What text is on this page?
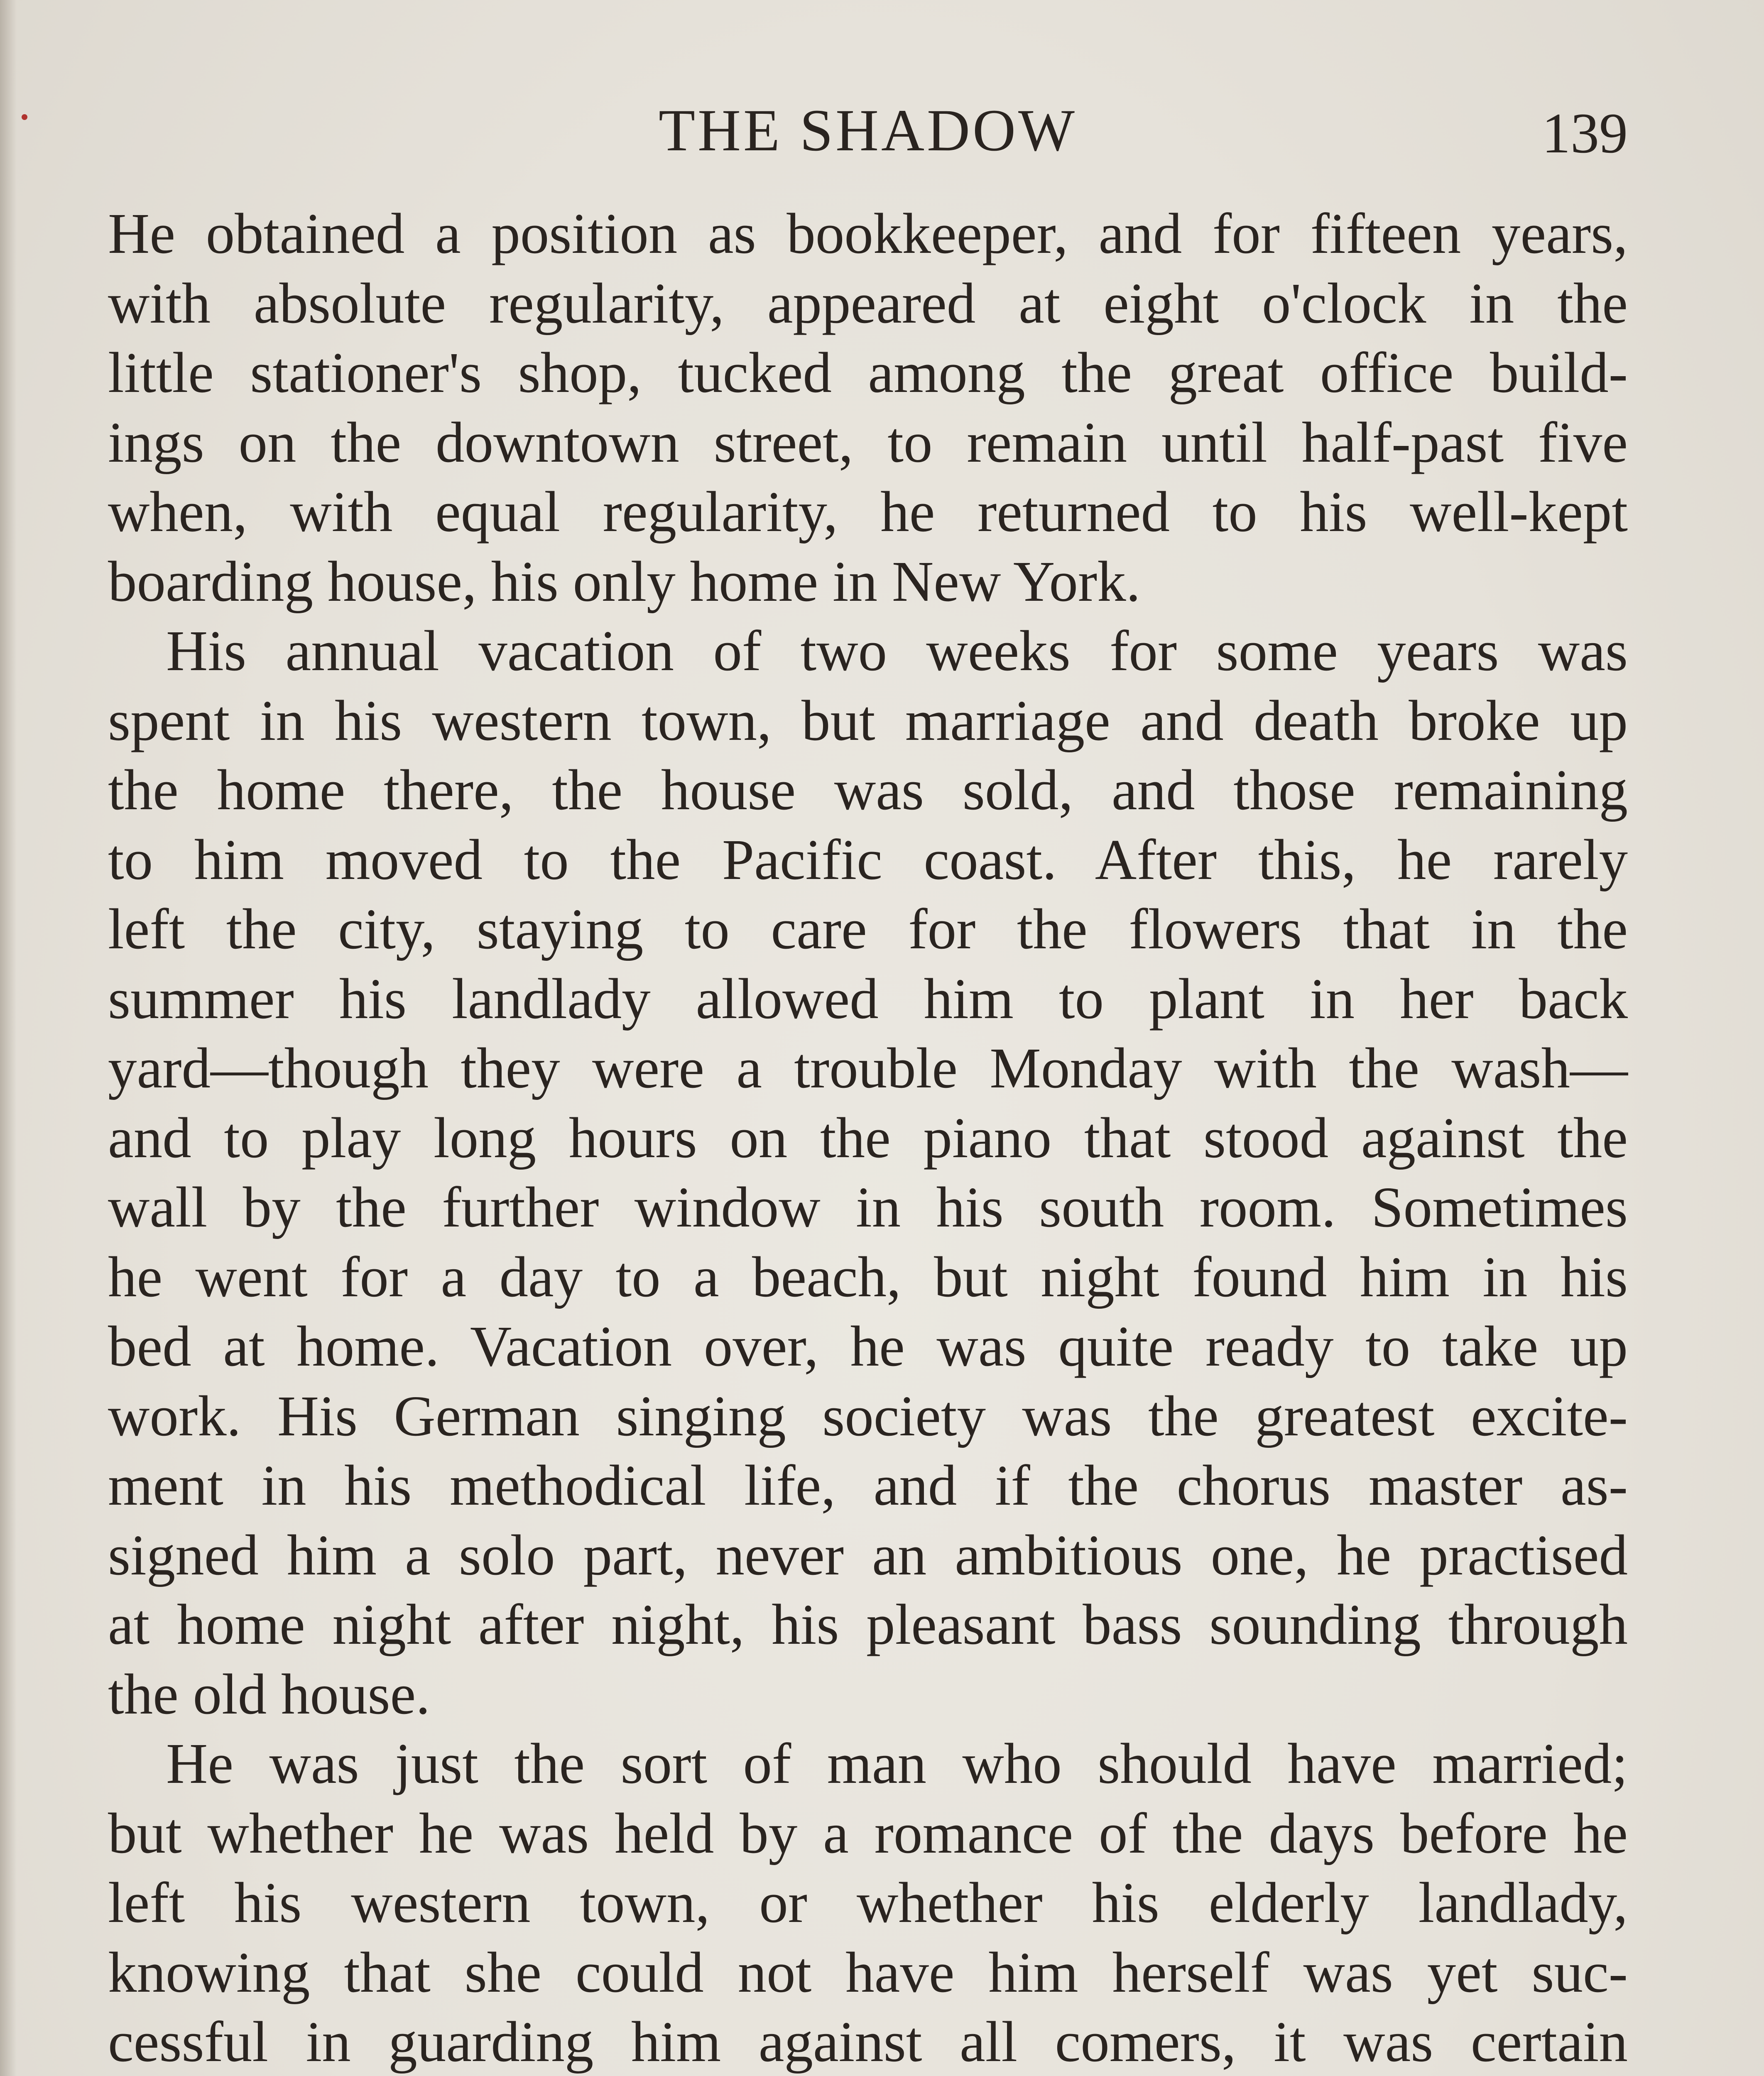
THE SHADOW	139
He obtained a position as bookkeeper, and for fifteen years,
with absolute regularity, appeared at eight o'clock in the
little stationer's shop, tucked among the great office build-
ings on the downtown street, to remain until half-past five
when, with equal regularity, he returned to his well-kept
boarding house, his only home in New York.
His annual vacation of two weeks for some years was
spent in his western town, but marriage and death broke up
the home there, the house was sold, and those remaining
to him moved to the Pacific coast. After this, he rarely
left the city, staying to care for the flowers that in the
summer his landlady allowed him to plant in her back
yard—though they were a trouble Monday with the wash—
and to play long hours on the piano that stood against the
wall by the further window in his south room. Sometimes
he went for a day to a beach, but night found him in his
bed at home. Vacation over, he was quite ready to take up
work. His German singing society was the greatest excite-
ment in his methodical life, and if the chorus master as-
signed him a solo part, never an ambitious one, he practised
at home night after night, his pleasant bass sounding through
the old house.
He was just the sort of man who should have married;
but whether he was held by a romance of the days before he
left his western town, or whether his elderly landlady,
knowing that she could not have him herself was yet suc-
cessful in guarding him against all comers, it was certain
